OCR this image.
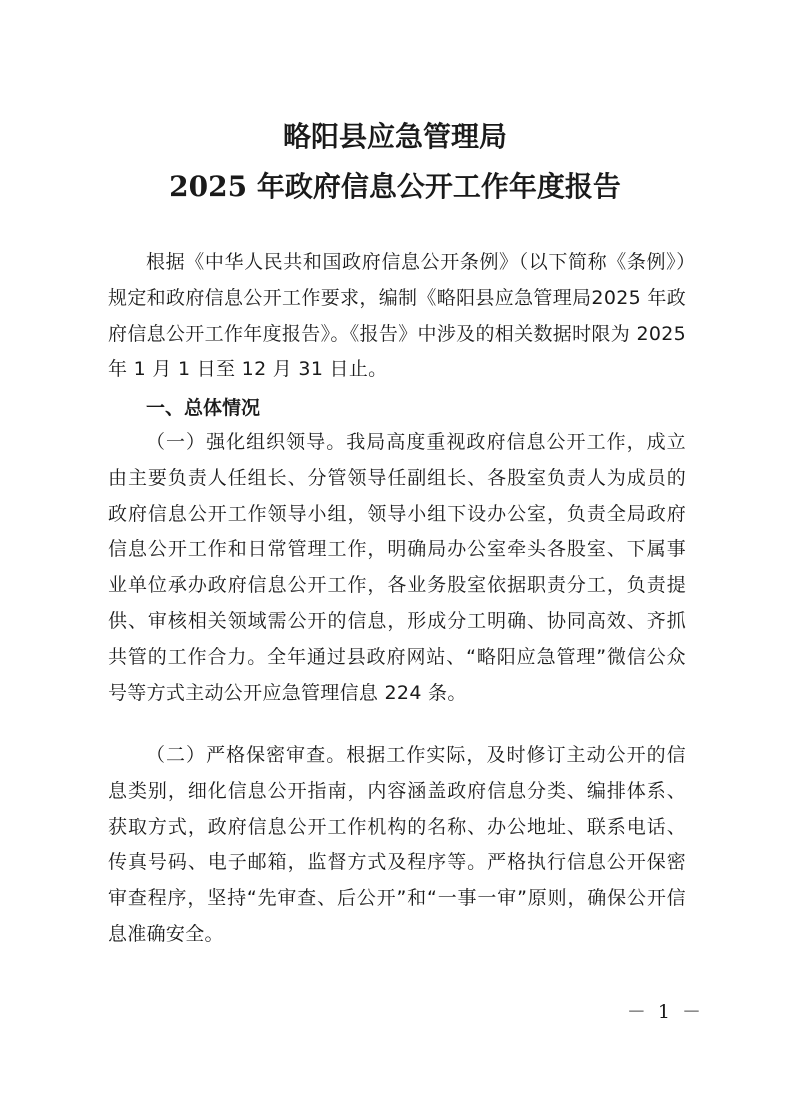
略阳县应急管理局
2025 年政府信息公开工作年度报告

根据《中华人民共和国政府信息公开条例》（以下简称《条例》）规定和政府信息公开工作要求，编制《略阳县应急管理局2025 年政府信息公开工作年度报告》。《报告》中涉及的相关数据时限为 2025 年 1 月 1 日至 12 月 31 日止。

一、总体情况

（一）强化组织领导。我局高度重视政府信息公开工作，成立由主要负责人任组长、分管领导任副组长、各股室负责人为成员的政府信息公开工作领导小组，领导小组下设办公室，负责全局政府信息公开工作和日常管理工作，明确局办公室牵头各股室、下属事业单位承办政府信息公开工作，各业务股室依据职责分工，负责提供、审核相关领域需公开的信息，形成分工明确、协同高效、齐抓共管的工作合力。全年通过县政府网站、“略阳应急管理”微信公众号等方式主动公开应急管理信息 224 条。

（二）严格保密审查。根据工作实际，及时修订主动公开的信息类别，细化信息公开指南，内容涵盖政府信息分类、编排体系、获取方式，政府信息公开工作机构的名称、办公地址、联系电话、传真号码、电子邮箱，监督方式及程序等。严格执行信息公开保密审查程序，坚持“先审查、后公开”和“一事一审”原则，确保公开信息准确安全。

－ 1 －
